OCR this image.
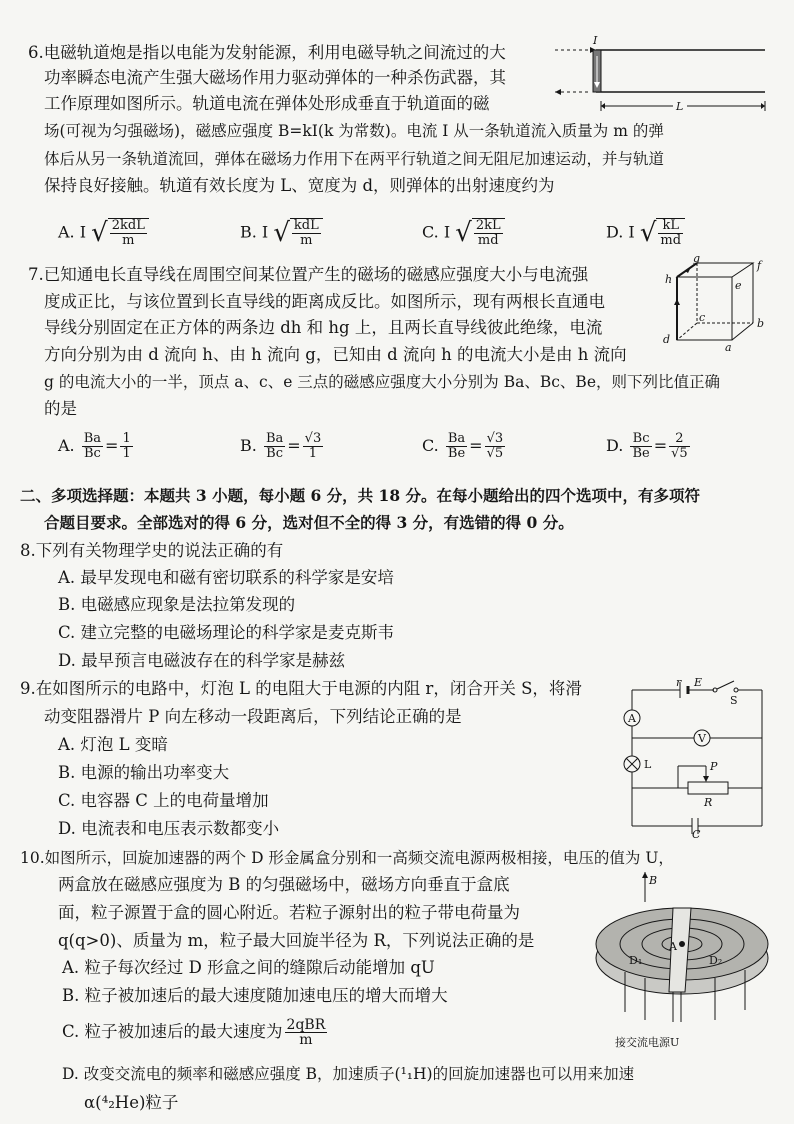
6.电磁轨道炮是指以电能为发射能源，利用电磁导轨之间流过的大
功率瞬态电流产生强大磁场作用力驱动弹体的一种杀伤武器，其
工作原理如图所示。轨道电流在弹体处形成垂直于轨道面的磁
场(可视为匀强磁场)，磁感应强度 B=kI(k 为常数)。电流 I 从一条轨道流入质量为 m 的弹
体后从另一条轨道流回，弹体在磁场力作用下在两平行轨道之间无阻尼加速运动，并与轨道
保持良好接触。轨道有效长度为 L、宽度为 d，则弹体的出射速度约为
I
L
A. I √ $\frac{\text{2kdL}}{m}$	B. I √ $\frac{\text{kdL}}{m}$	C. I √ $\frac{2kL}{md}$	D. I √ $\frac{kL}{md}$
7.已知通电长直导线在周围空间某位置产生的磁场的磁感应强度大小与电流强
度成正比，与该位置到长直导线的距离成反比。如图所示，现有两根长直通电
导线分别固定在正方体的两条边 dh 和 hg 上，且两长直导线彼此绝缘，电流
方向分别为由 d 流向 h、由 h 流向 g，已知由 d 流向 h 的电流大小是由 h 流向
g 的电流大小的一半，顶点 a、c、e 三点的磁感应强度大小分别为 Ba、Bc、Be，则下列比值正确
的是
g
f
h	e
c	b
d
a
A. $\frac{Ba}{Bc} = \frac{1}{1}$	B. $\frac{Ba}{Bc} = \frac{√3}{1}$	C. $\frac{Ba}{Be} = \frac{√3}{√5}$	D. $\frac{Bc}{Be} = \frac{2}{√5}$
二、多项选择题：本题共 3 小题，每小题 6 分，共 18 分。在每小题给出的四个选项中，有多项符
合题目要求。全部选对的得 6 分，选对但不全的得 3 分，有选错的得 0 分。
8.下列有关物理学史的说法正确的有
A. 最早发现电和磁有密切联系的科学家是安培
B. 电磁感应现象是法拉第发现的
C. 建立完整的电磁场理论的科学家是麦克斯韦
D. 最早预言电磁波存在的科学家是赫兹
9.在如图所示的电路中，灯泡 L 的电阻大于电源的内阻 r，闭合开关 S，将滑
动变阻器滑片 P 向左移动一段距离后，下列结论正确的是
A. 灯泡 L 变暗
B. 电源的输出功率变大
C. 电容器 C 上的电荷量增加
D. 电流表和电压表示数都变小
r E
S
A
V
L	P
R
C
10.如图所示，回旋加速器的两个 D 形金属盒分别和一高频交流电源两极相接，电压的值为 U，
两盒放在磁感应强度为 B 的匀强磁场中，磁场方向垂直于盒底
面，粒子源置于盒的圆心附近。若粒子源射出的粒子带电荷量为
q(q>0)、质量为 m，粒子最大回旋半径为 R，下列说法正确的是
A. 粒子每次经过 D 形盒之间的缝隙后动能增加 qU
B. 粒子被加速后的最大速度随加速电压的增大而增大
C. 粒子被加速后的最大速度为 $\frac{\text{2qBR}}{m}$
D. 改变交流电的频率和磁感应强度 B，加速质子(¹₁H)的回旋加速器也可以用来加速
α(⁴₂He)粒子
B
A
D₁	D₂
接交流电源U
